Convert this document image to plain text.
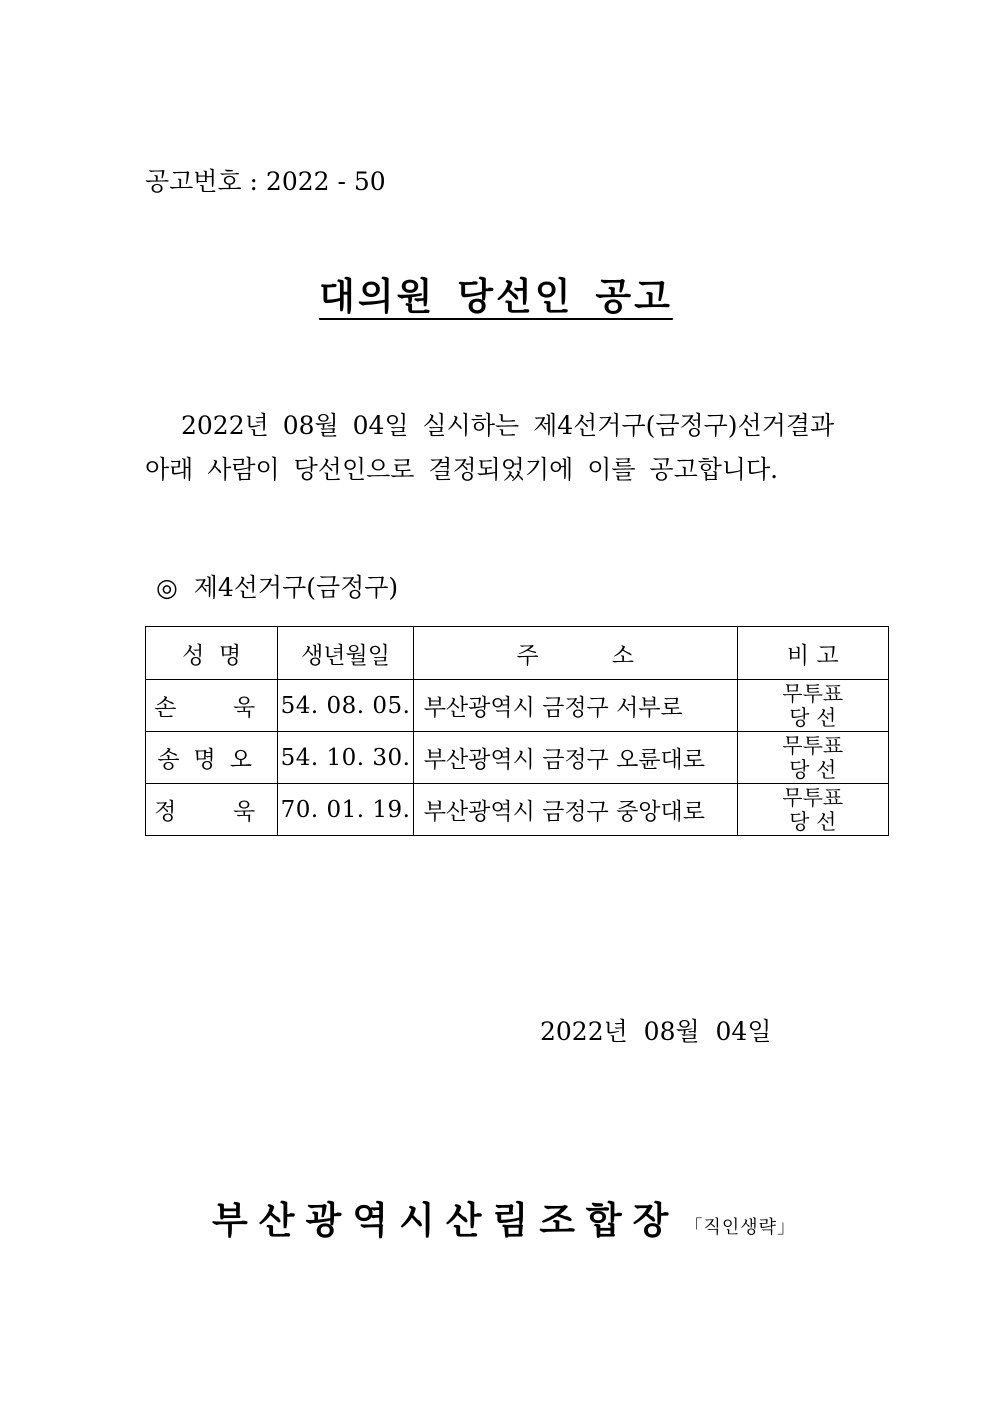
공고번호 : 2022 - 50
대의원 당선인 공고
2022년 08월 04일 실시하는 제4선거구(금정구)선거결과
아래 사람이 당선인으로 결정되었기에 이를 공고합니다.
◎  제4선거구(금정구)
성  명	생년월일	주          소	비 고
손  욱	54. 08. 05.	부산광역시 금정구 서부로	무투표
당 선

송명오	54. 10. 30.	부산광역시 금정구 오륜대로	무투표
당 선

정  욱	70. 01. 19.	부산광역시 금정구 중앙대로	무투표
당 선
2022년  08월  04일
부산광역시산림조합장 「직인생략」
